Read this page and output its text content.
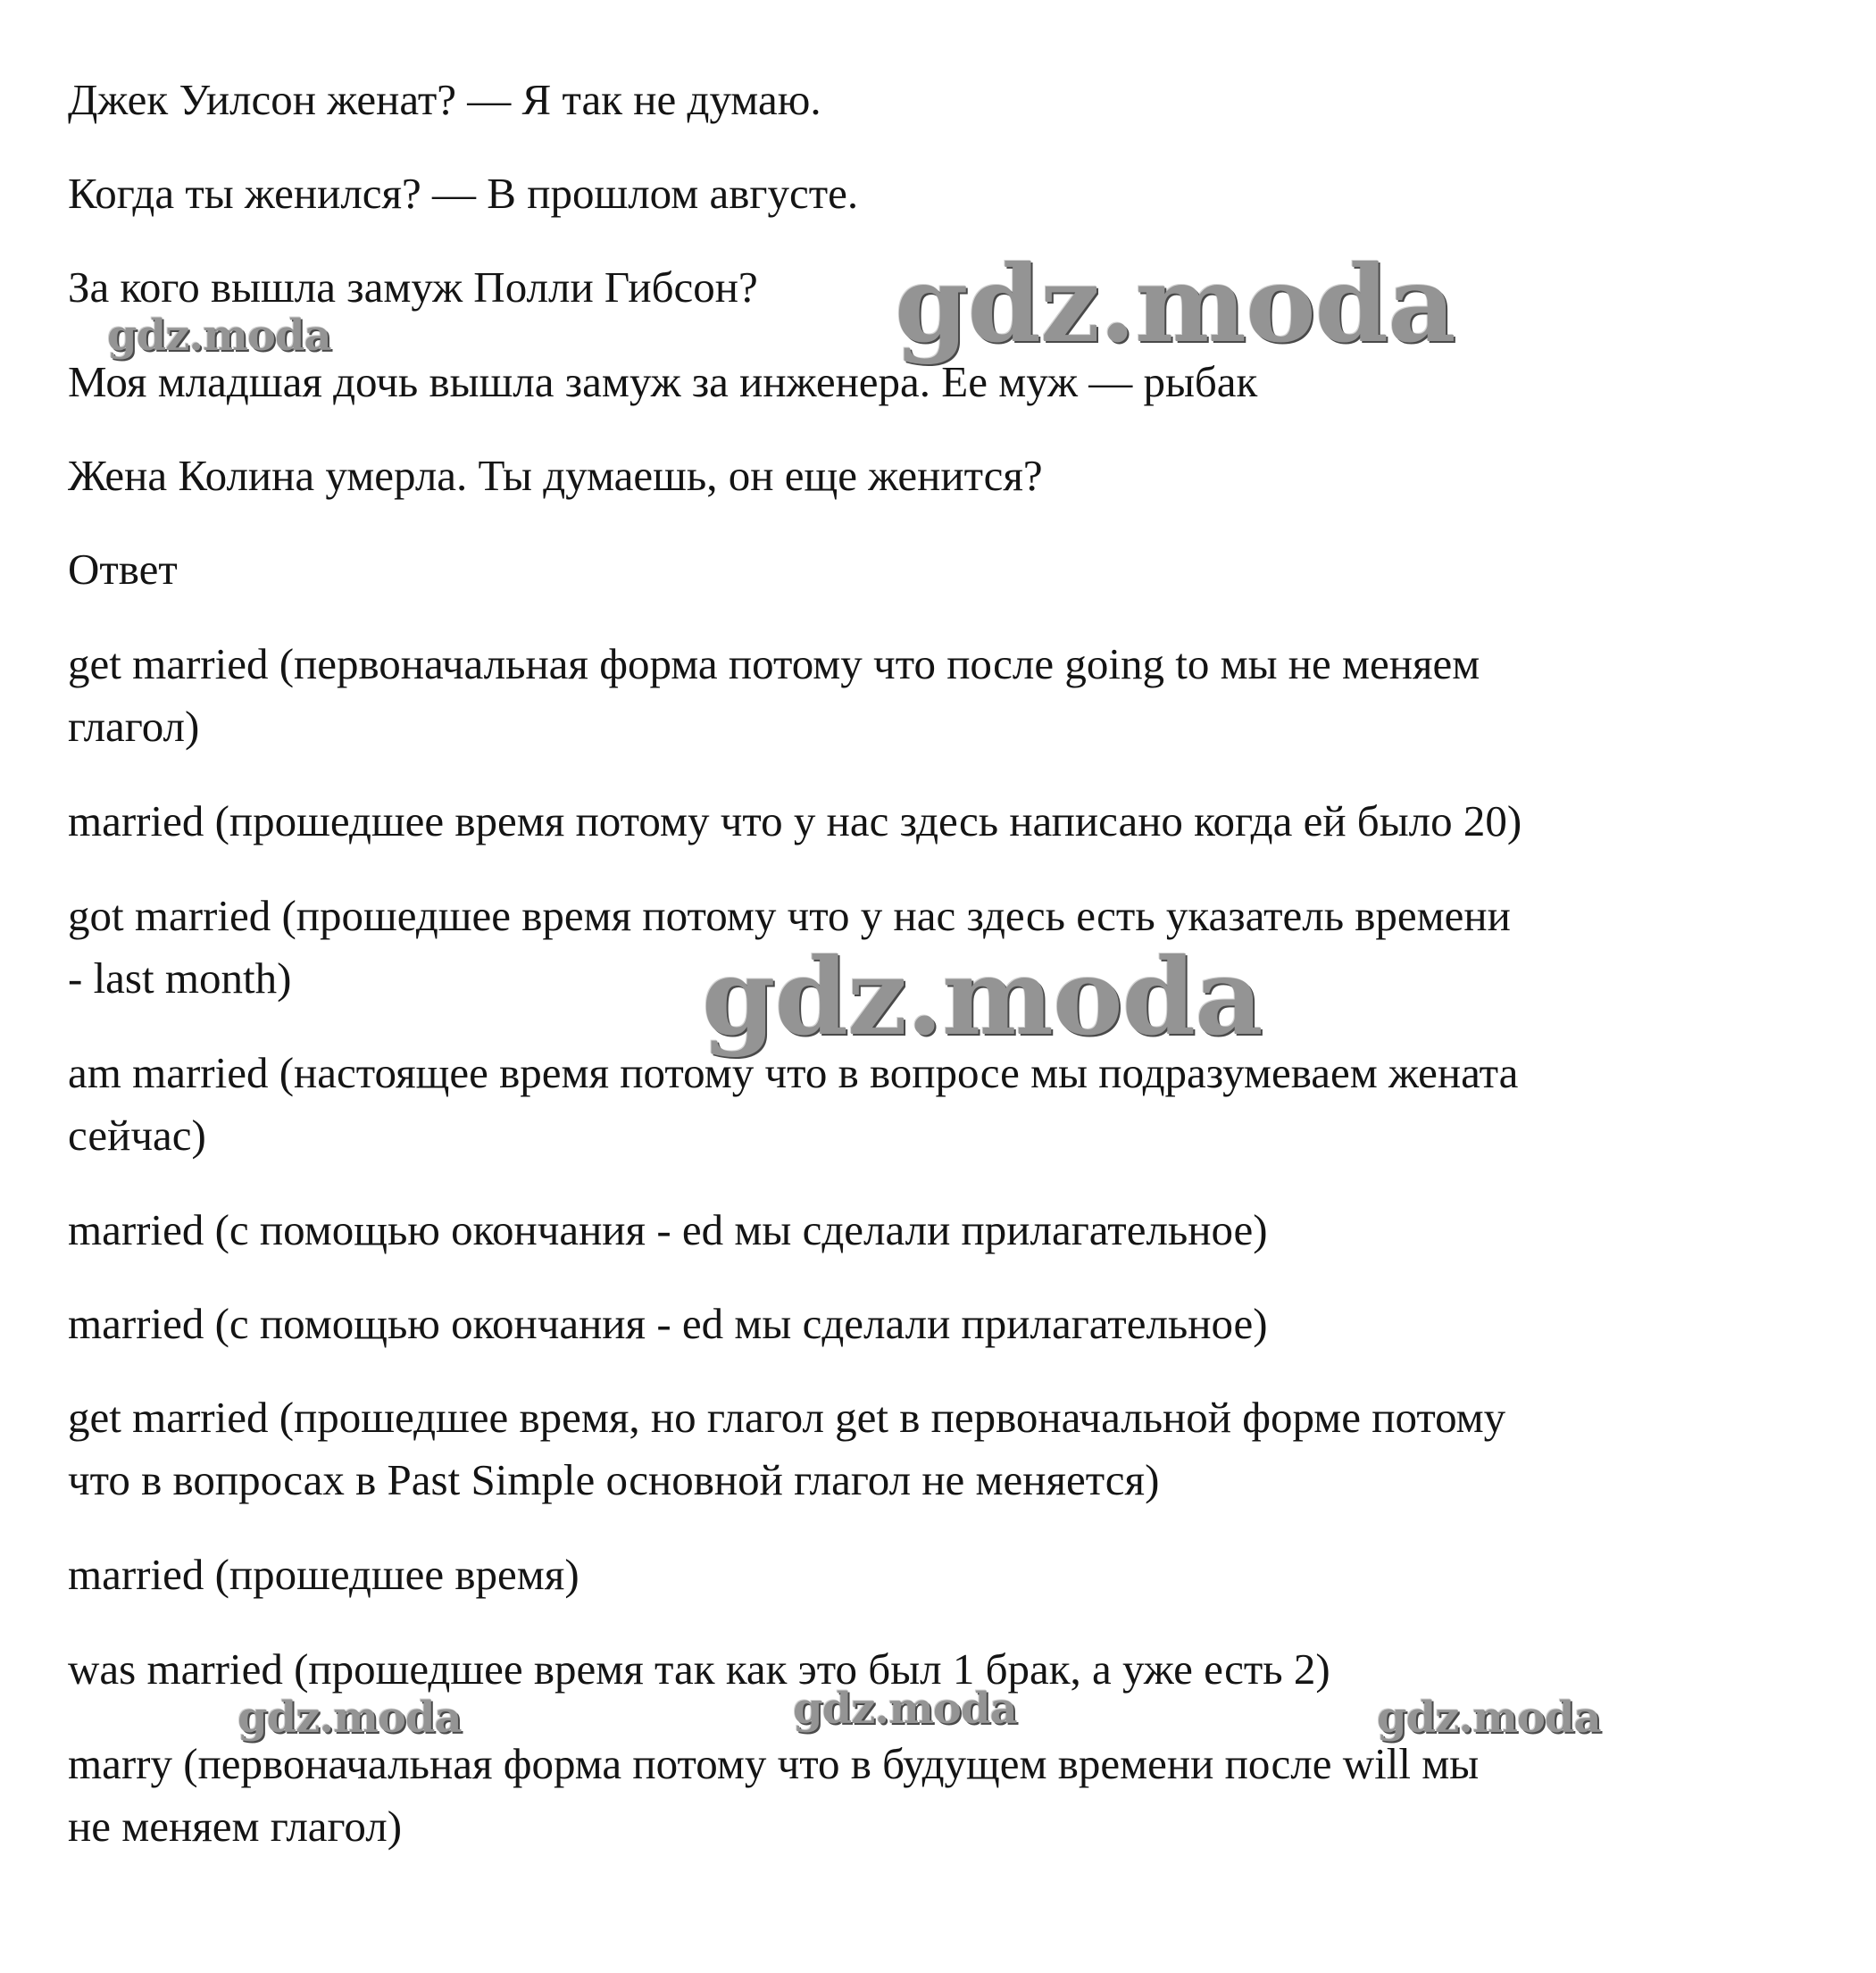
Джек Уилсон женат? — Я так не думаю.

Когда ты женился? — В прошлом августе.

За кого вышла замуж Полли Гибсон?

Моя младшая дочь вышла замуж за инженера. Ее муж — рыбак

Жена Колина умерла. Ты думаешь, он еще женится?

Ответ

get married (первоначальная форма потому что после going to мы не меняем

глагол)

married (прошедшее время потому что у нас здесь написано когда ей было 20)

got married (прошедшее время потому что у нас здесь есть указатель времени

- last month)

am married (настоящее время потому что в вопросе мы подразумеваем жената

сейчас)

married (с помощью окончания - ed мы сделали прилагательное)

married (с помощью окончания - ed мы сделали прилагательное)

get married (прошедшее время, но глагол get в первоначальной форме потому

что в вопросах в Past Simple основной глагол не меняется)

married (прошедшее время)

was married (прошедшее время так как это был 1 брак, а уже есть 2)

marry (первоначальная форма потому что в будущем времени после will мы

не меняем глагол)

gdz.moda
gdz.moda
gdz.moda
gdz.moda	gdz.moda	gdz.moda
